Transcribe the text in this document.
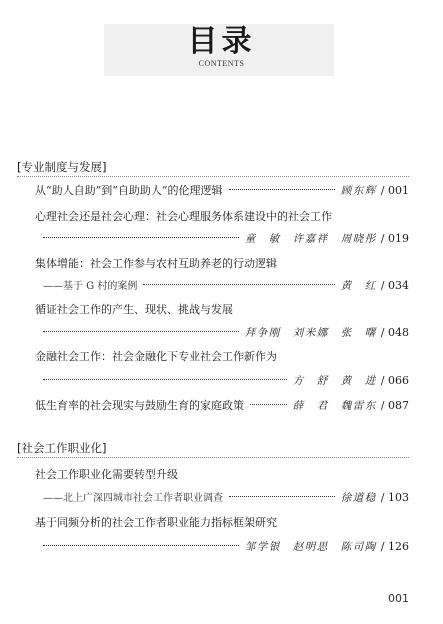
目录
CONTENTS
[专业制度与发展]
从“助人自助”到“自助助人”的伦理逻辑	顾东辉 / 001
心理社会还是社会心理：社会心理服务体系建设中的社会工作
童　敏　许嘉祥　周晓彤 / 019
集体增能：社会工作参与农村互助养老的行动逻辑
——基于 G 村的案例	黄　红 / 034
循证社会工作的产生、现状、挑战与发展
拜争刚　刘米娜　张　曙 / 048
金融社会工作：社会金融化下专业社会工作新作为
方　舒　黄　进 / 066
低生育率的社会现实与鼓励生育的家庭政策	薛　君　魏雷东 / 087
[社会工作职业化]
社会工作职业化需要转型升级
——北上广深四城市社会工作者职业调查	徐道稳 / 103
基于同频分析的社会工作者职业能力指标框架研究
邹学银　赵明思　陈司陶 / 126
001
